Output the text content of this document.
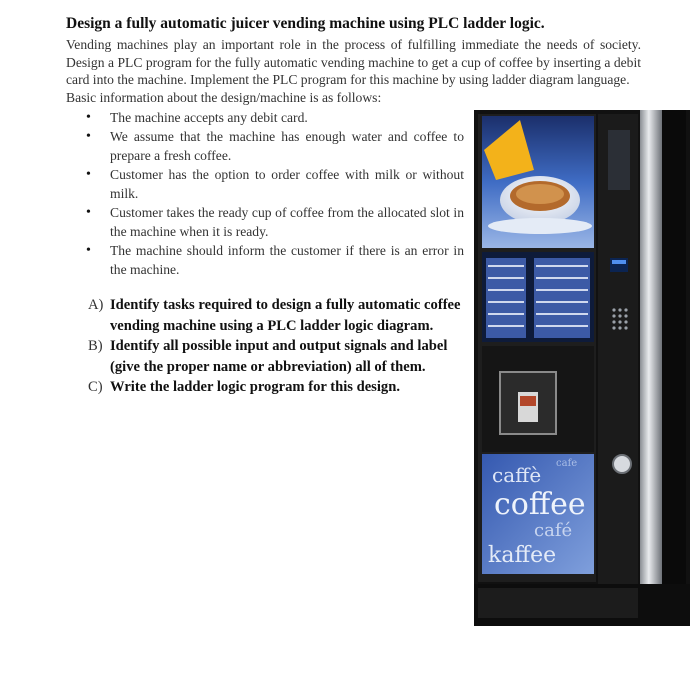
Design a fully automatic juicer vending machine using PLC ladder logic.

Vending machines play an important role in the process of fulfilling immediate the needs of society. Design a PLC program for the fully automatic vending machine to get a cup of coffee by inserting a debit card into the machine. Implement the PLC program for this machine by using ladder diagram language.

Basic information about the design/machine is as follows:

• The machine accepts any debit card.
• We assume that the machine has enough water and coffee to prepare a fresh coffee.
• Customer has the option to order coffee with milk or without milk.
• Customer takes the ready cup of coffee from the allocated slot in the machine when it is ready.
• The machine should inform the customer if there is an error in the machine.

A) Identify tasks required to design a fully automatic coffee vending machine using a PLC ladder logic diagram.

B) Identify all possible input and output signals and label (give the proper name or abbreviation) all of them.

C) Write the ladder logic program for this design.

caffè
coffee
café
kaffee
cafe
